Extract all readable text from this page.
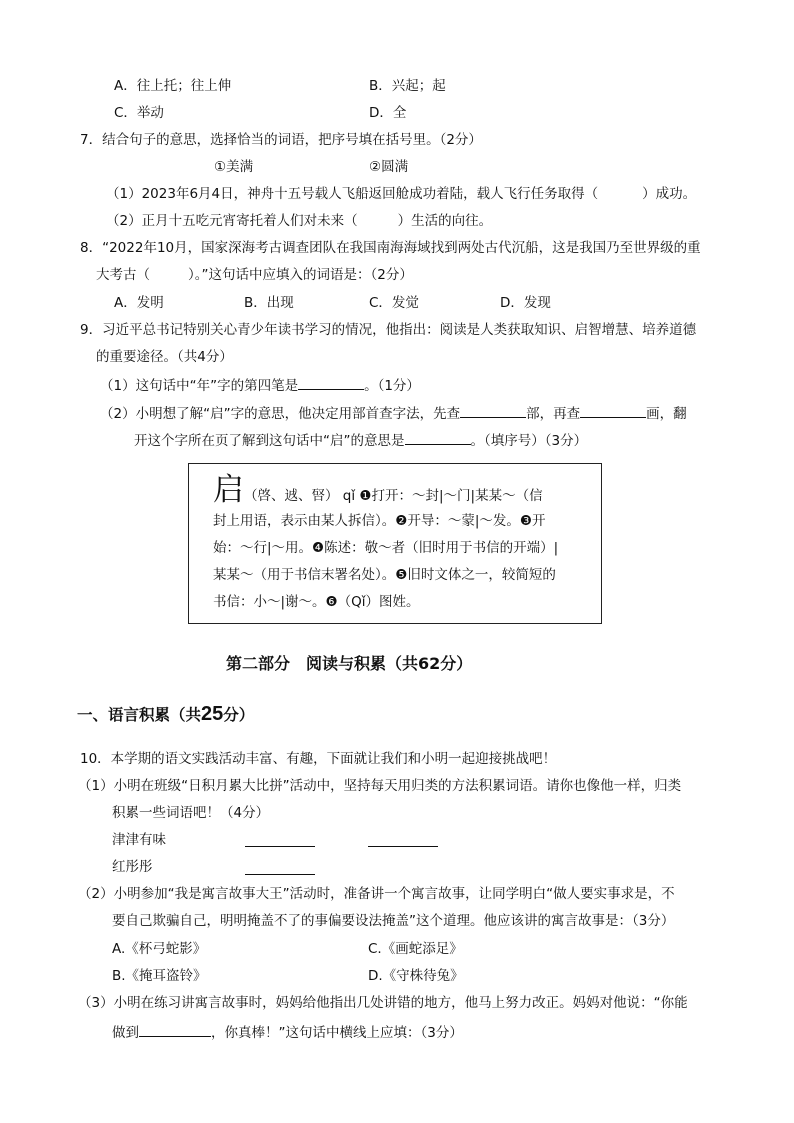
A．往上托；往上伸	B．兴起；起
C．举动	D．全
7．结合句子的意思，选择恰当的词语，把序号填在括号里。（2分）
①美满	②圆满
（1）2023年6月4日，神舟十五号载人飞船返回舱成功着陆，载人飞行任务取得（	）成功。
（2）正月十五吃元宵寄托着人们对未来（	）生活的向往。
8．“2022年10月，国家深海考古调查团队在我国南海海域找到两处古代沉船，这是我国乃至世界级的重
大考古（	）。”这句话中应填入的词语是：（2分）
A．发明	B．出现	C．发觉	D．发现
9．习近平总书记特别关心青少年读书学习的情况，他指出：阅读是人类获取知识、启智增慧、培养道德
的重要途径。（共4分）
（1）这句话中“年”字的第四笔是	。（1分）
（2）小明想了解“启”字的意思，他决定用部首查字法，先查	部，再查	画，翻
开这个字所在页了解到这句话中“启”的意思是	。（填序号）（3分）
启（啓、䢕、唘） qǐ ❶打开：～封|～门|某某～（信
封上用语，表示由某人拆信）。❷开导：～蒙|～发。❸开
始：～行|～用。❹陈述：敬～者（旧时用于书信的开端）|
某某～（用于书信末署名处）。❺旧时文体之一，较简短的
书信：小～|谢～。❻（Qǐ）图姓。
第二部分　阅读与积累（共62分）
一、语言积累（共25分）
10．本学期的语文实践活动丰富、有趣，下面就让我们和小明一起迎接挑战吧！
（1）小明在班级“日积月累大比拼”活动中，坚持每天用归类的方法积累词语。请你也像他一样，归类
积累一些词语吧！（4分）
津津有味
红彤彤
（2）小明参加“我是寓言故事大王”活动时，准备讲一个寓言故事，让同学明白“做人要实事求是，不
要自己欺骗自己，明明掩盖不了的事偏要设法掩盖”这个道理。他应该讲的寓言故事是：（3分）
A.《杯弓蛇影》	C.《画蛇添足》
B.《掩耳盗铃》	D.《守株待兔》
（3）小明在练习讲寓言故事时，妈妈给他指出几处讲错的地方，他马上努力改正。妈妈对他说：“你能
做到	，你真棒！”这句话中横线上应填：（3分）
